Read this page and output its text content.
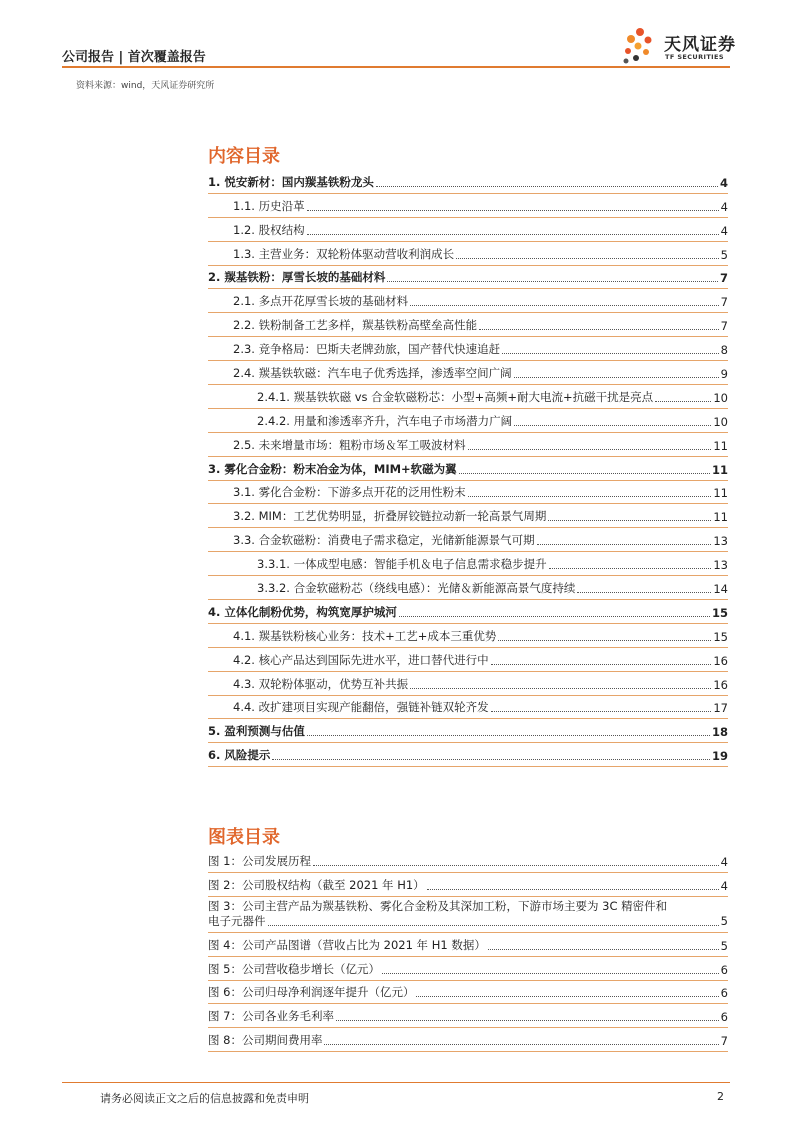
公司报告 | 首次覆盖报告
资料来源：wind，天风证券研究所
天风证券
TF SECURITIES
内容目录
1. 悦安新材：国内羰基铁粉龙头	4
1.1. 历史沿革	4
1.2. 股权结构	4
1.3. 主营业务：双轮粉体驱动营收利润成长	5
2. 羰基铁粉：厚雪长坡的基础材料	7
2.1. 多点开花厚雪长坡的基础材料	7
2.2. 铁粉制备工艺多样，羰基铁粉高壁垒高性能	7
2.3. 竞争格局：巴斯夫老牌劲旅，国产替代快速追赶	8
2.4. 羰基铁软磁：汽车电子优秀选择，渗透率空间广阔	9
2.4.1. 羰基铁软磁 vs 合金软磁粉芯：小型+高频+耐大电流+抗磁干扰是亮点	10
2.4.2. 用量和渗透率齐升，汽车电子市场潜力广阔	10
2.5. 未来增量市场：粗粉市场＆军工吸波材料	11
3. 雾化合金粉：粉末冶金为体，MIM+软磁为翼	11
3.1. 雾化合金粉：下游多点开花的泛用性粉末	11
3.2. MIM：工艺优势明显，折叠屏铰链拉动新一轮高景气周期	11
3.3. 合金软磁粉：消费电子需求稳定，光储新能源景气可期	13
3.3.1. 一体成型电感：智能手机＆电子信息需求稳步提升	13
3.3.2. 合金软磁粉芯（绕线电感）：光储＆新能源高景气度持续	14
4. 立体化制粉优势，构筑宽厚护城河	15
4.1. 羰基铁粉核心业务：技术+工艺+成本三重优势	15
4.2. 核心产品达到国际先进水平，进口替代进行中	16
4.3. 双轮粉体驱动，优势互补共振	16
4.4. 改扩建项目实现产能翻倍，强链补链双轮齐发	17
5. 盈利预测与估值	18
6. 风险提示	19
图表目录
图 1：公司发展历程	4
图 2：公司股权结构（截至 2021 年 H1）	4
图 3：公司主营产品为羰基铁粉、雾化合金粉及其深加工粉，下游市场主要为 3C 精密件和
电子元器件	5
图 4：公司产品图谱（营收占比为 2021 年 H1 数据）	5
图 5：公司营收稳步增长（亿元）	6
图 6：公司归母净利润逐年提升（亿元）	6
图 7：公司各业务毛利率	6
图 8：公司期间费用率	7
请务必阅读正文之后的信息披露和免责申明	2
